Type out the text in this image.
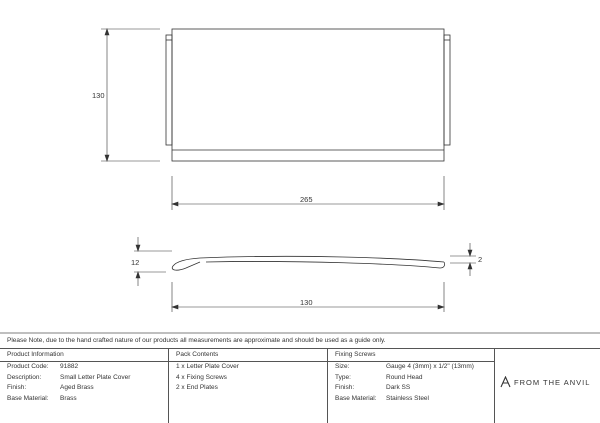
130
265
12	2
130
Please Note, due to the hand crafted nature of our products all measurements are approximate and should be used as a guide only.
Product Information
Product Code: 91882
Description:	Small Letter Plate Cover
Finish:	Aged Brass
Base Material: Brass
Pack Contents
1 x Letter Plate Cover
4 x Fixing Screws
2 x End Plates
Fixing Screws
Size:	Gauge 4 (3mm) x 1/2" (13mm)
Type:	Round Head
Finish:	Dark SS
Base Material: Stainless Steel
FROM THE ANVIL
